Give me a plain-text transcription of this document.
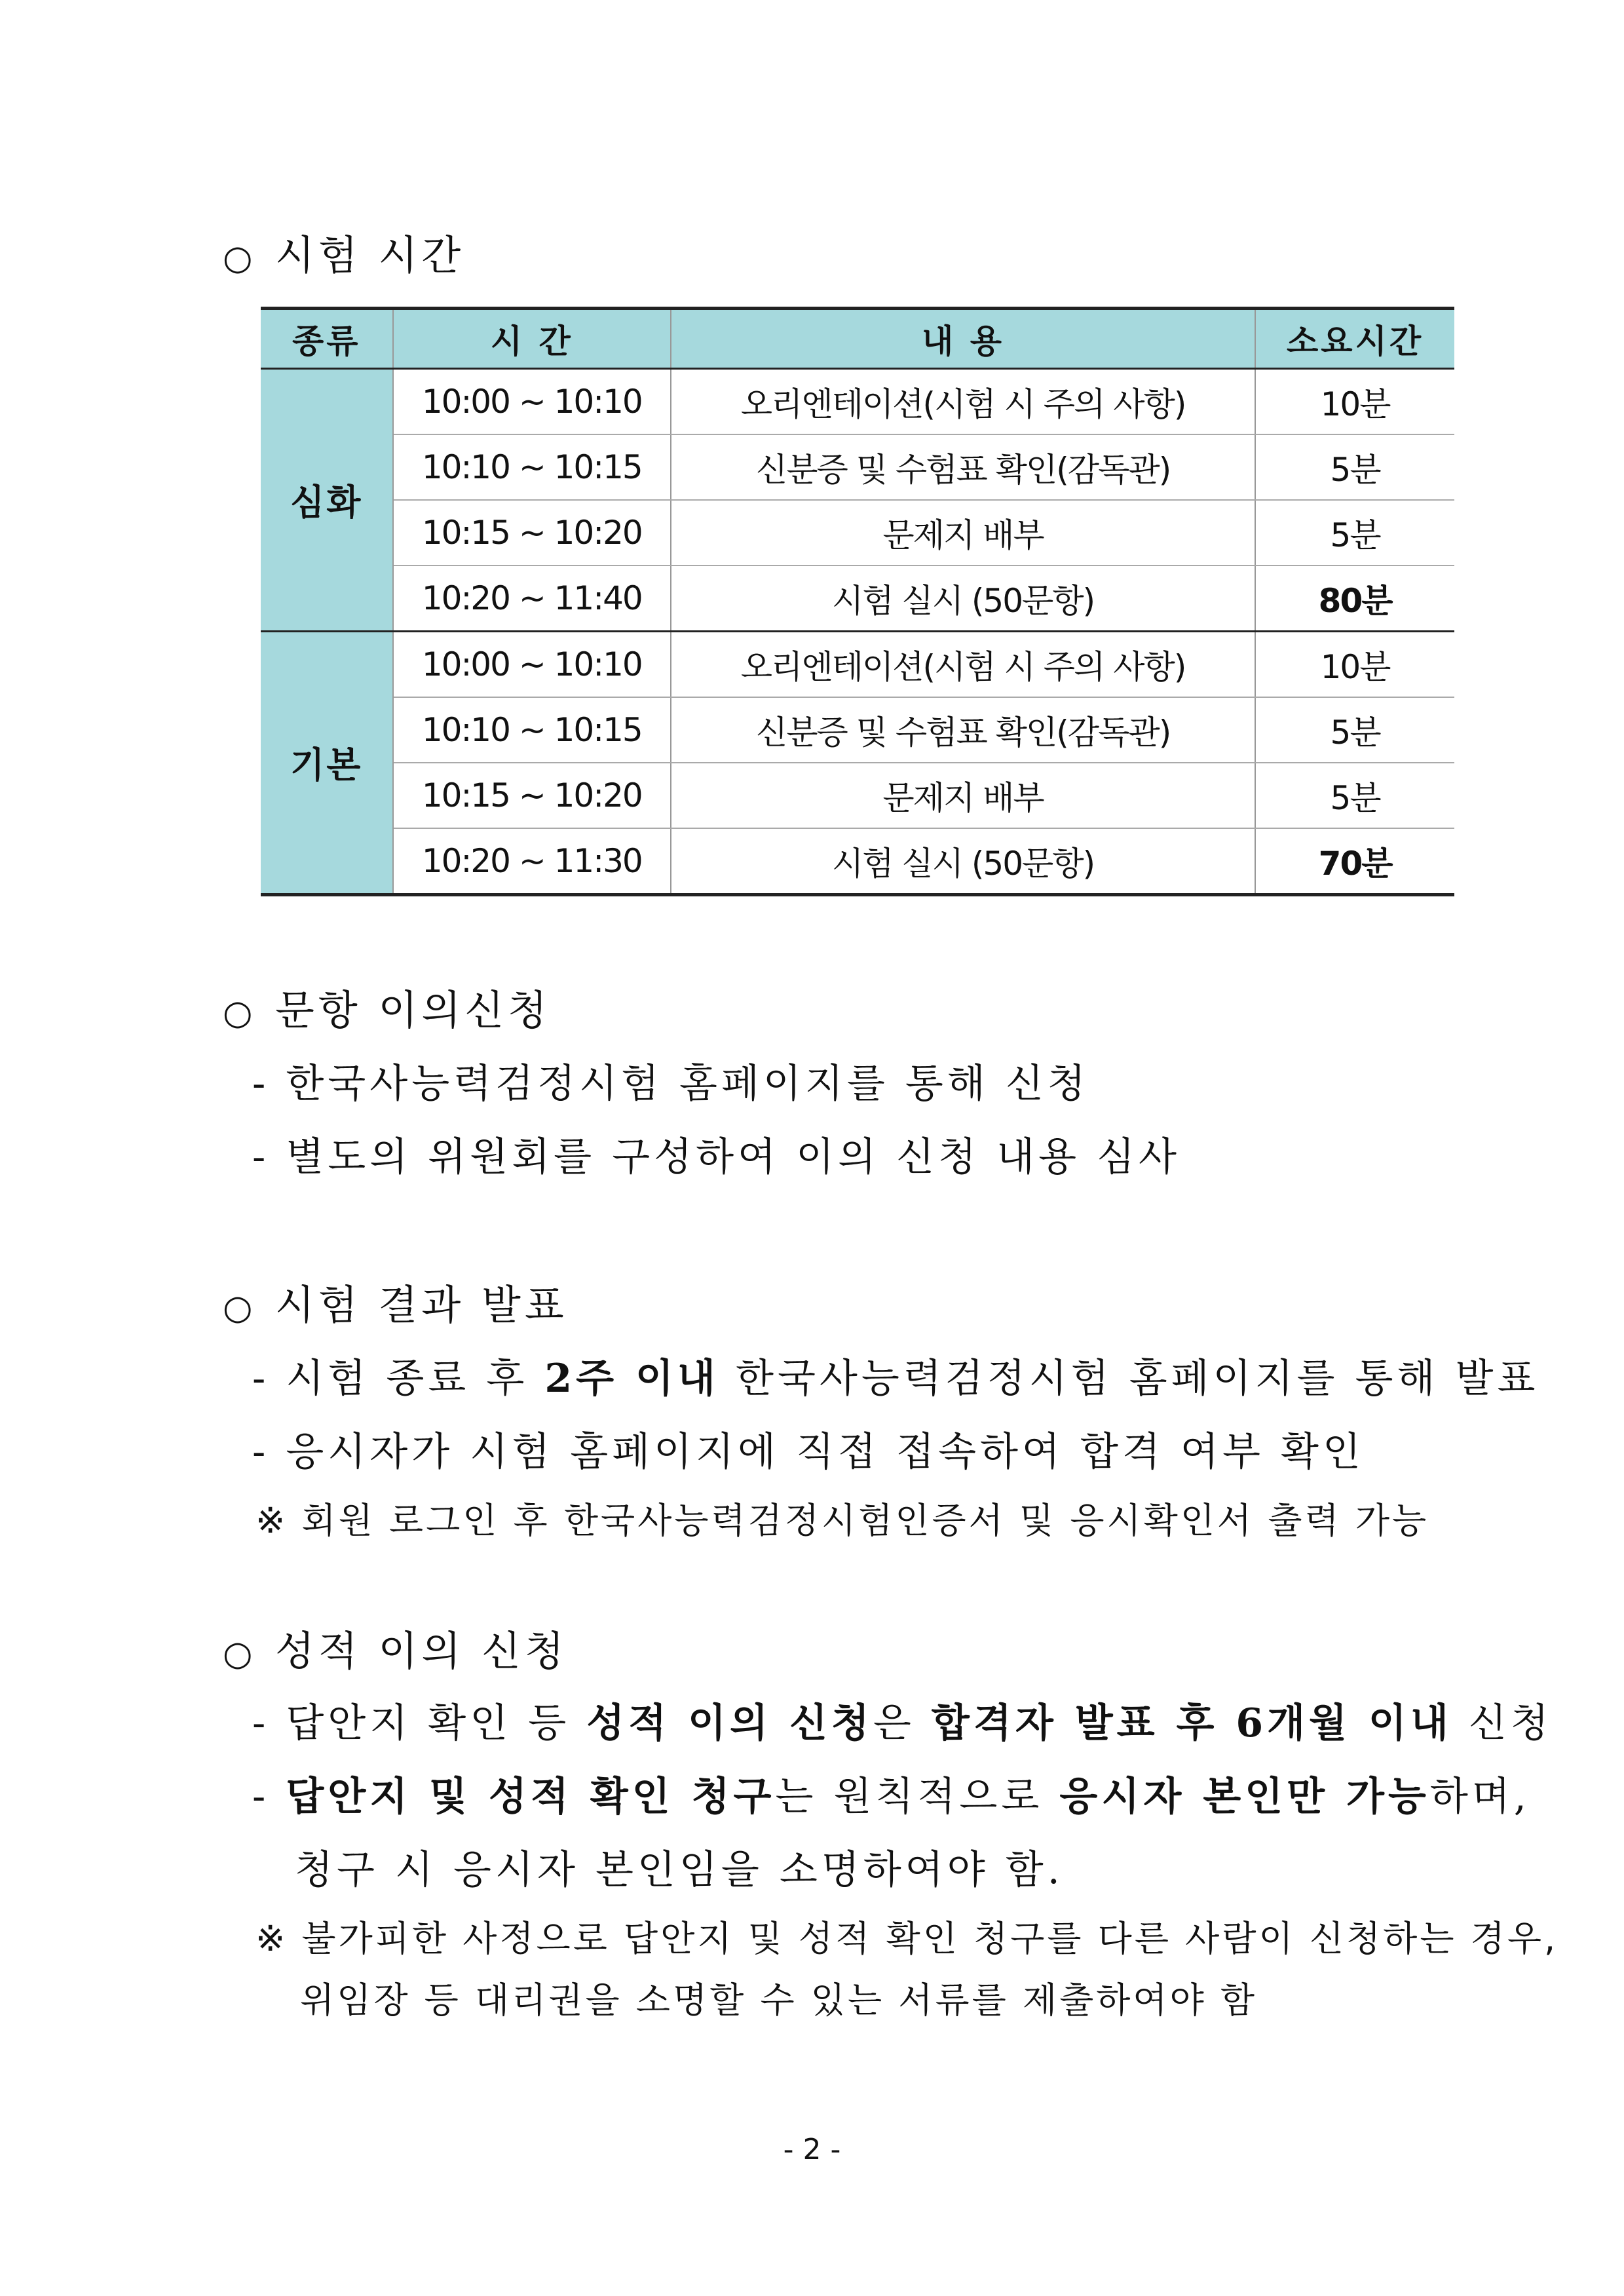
○ 시험 시간
종류	시 간	내 용	소요시간
심화	10:00 ~ 10:10	오리엔테이션(시험 시 주의 사항)	10분
	10:10 ~ 10:15	신분증 및 수험표 확인(감독관)	5분
	10:15 ~ 10:20	문제지 배부	5분
	10:20 ~ 11:40	시험 실시 (50문항)	80분
기본	10:00 ~ 10:10	오리엔테이션(시험 시 주의 사항)	10분
	10:10 ~ 10:15	신분증 및 수험표 확인(감독관)	5분
	10:15 ~ 10:20	문제지 배부	5분
	10:20 ~ 11:30	시험 실시 (50문항)	70분
○ 문항 이의신청
- 한국사능력검정시험 홈페이지를 통해 신청
- 별도의 위원회를 구성하여 이의 신청 내용 심사
○ 시험 결과 발표
- 시험 종료 후 2주 이내 한국사능력검정시험 홈페이지를 통해 발표
- 응시자가 시험 홈페이지에 직접 접속하여 합격 여부 확인
※ 회원 로그인 후 한국사능력검정시험인증서 및 응시확인서 출력 가능
○ 성적 이의 신청
- 답안지 확인 등 성적 이의 신청은 합격자 발표 후 6개월 이내 신청
- 답안지 및 성적 확인 청구는 원칙적으로 응시자 본인만 가능하며,
청구 시 응시자 본인임을 소명하여야 함.
※ 불가피한 사정으로 답안지 및 성적 확인 청구를 다른 사람이 신청하는 경우,
위임장 등 대리권을 소명할 수 있는 서류를 제출하여야 함
- 2 -
